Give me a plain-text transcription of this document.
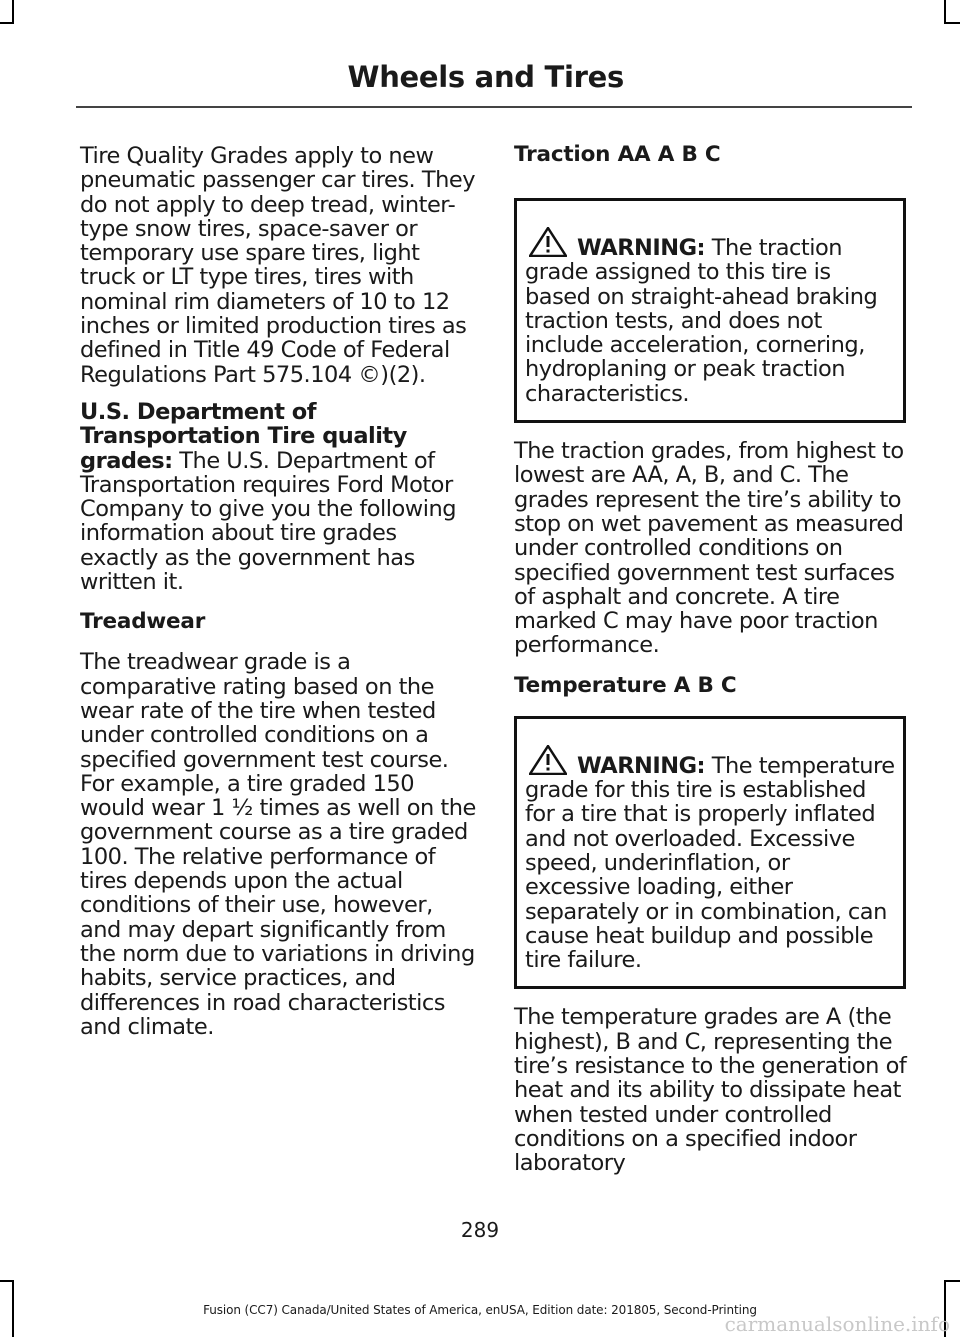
Wheels and Tires

Tire Quality Grades apply to new pneumatic passenger car tires. They do not apply to deep tread, winter-type snow tires, space-saver or temporary use spare tires, light truck or LT type tires, tires with nominal rim diameters of 10 to 12 inches or limited production tires as defined in Title 49 Code of Federal Regulations Part 575.104 ©)(2).

U.S. Department of Transportation Tire quality grades: The U.S. Department of Transportation requires Ford Motor Company to give you the following information about tire grades exactly as the government has written it.

Treadwear

The treadwear grade is a comparative rating based on the wear rate of the tire when tested under controlled conditions on a specified government test course. For example, a tire graded 150 would wear 1 ½ times as well on the government course as a tire graded 100. The relative performance of tires depends upon the actual conditions of their use, however, and may depart significantly from the norm due to variations in driving habits, service practices, and differences in road characteristics and climate.

Traction AA A B C

WARNING: The traction grade assigned to this tire is based on straight-ahead braking traction tests, and does not include acceleration, cornering, hydroplaning or peak traction characteristics.

The traction grades, from highest to lowest are AA, A, B, and C. The grades represent the tire’s ability to stop on wet pavement as measured under controlled conditions on specified government test surfaces of asphalt and concrete. A tire marked C may have poor traction performance.

Temperature A B C

WARNING: The temperature grade for this tire is established for a tire that is properly inflated and not overloaded. Excessive speed, underinflation, or excessive loading, either separately or in combination, can cause heat buildup and possible tire failure.

The temperature grades are A (the highest), B and C, representing the tire’s resistance to the generation of heat and its ability to dissipate heat when tested under controlled conditions on a specified indoor laboratory

289
Fusion (CC7) Canada/United States of America, enUSA, Edition date: 201805, Second-Printing
carmanualsonline.info
